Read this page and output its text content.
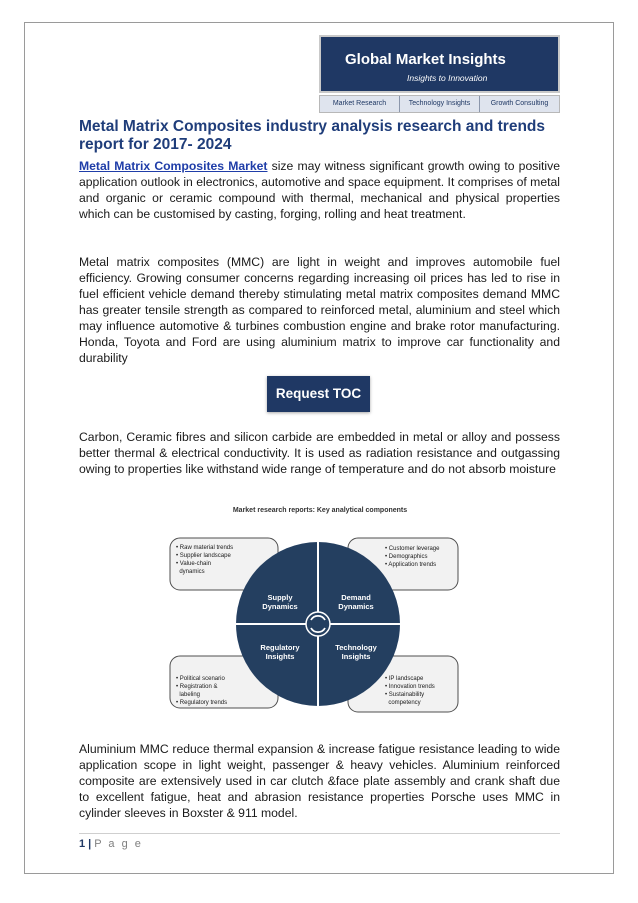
Global Market Insights
Insights to Innovation
Market Research	Technology Insights	Growth Consulting
Metal Matrix Composites industry analysis research and trends report for 2017- 2024

Metal Matrix Composites Market size may witness significant growth owing to positive application outlook in electronics, automotive and space equipment. It comprises of metal and organic or ceramic compound with thermal, mechanical and physical properties which can be customised by casting, forging, rolling and heat treatment.

Metal matrix composites (MMC) are light in weight and improves automobile fuel efficiency. Growing consumer concerns regarding increasing oil prices has led to rise in fuel efficient vehicle demand thereby stimulating metal matrix composites demand MMC has greater tensile strength as compared to reinforced metal, aluminium and steel which may influence automotive & turbines combustion engine and brake rotor manufacturing. Honda, Toyota and Ford are using aluminium matrix to improve car functionality and durability

Request TOC

Carbon, Ceramic fibres and silicon carbide are embedded in metal or alloy and possess better thermal & electrical conductivity. It is used as radiation resistance and outgassing owing to properties like withstand wide range of temperature and do not absorb moisture

Market research reports: Key analytical components
• Raw material trends
• Supplier landscape
• Value-chain
dynamics
• Customer leverage
• Demographics
• Application trends
• Political scenario
• Registration &
labeling
• Regulatory trends
• IP landscape
• Innovation trends
• Sustainability
competency
Supply
Dynamics
Demand
Dynamics
Regulatory
Insights
Technology
Insights

Aluminium MMC reduce thermal expansion & increase fatigue resistance leading to wide application scope in light weight, passenger & heavy vehicles. Aluminium reinforced composite are extensively used in car clutch &face plate assembly and crank shaft due to excellent fatigue, heat and abrasion resistance properties Porsche uses MMC in cylinder sleeves in Boxster & 911 model.

1 | P a g e
